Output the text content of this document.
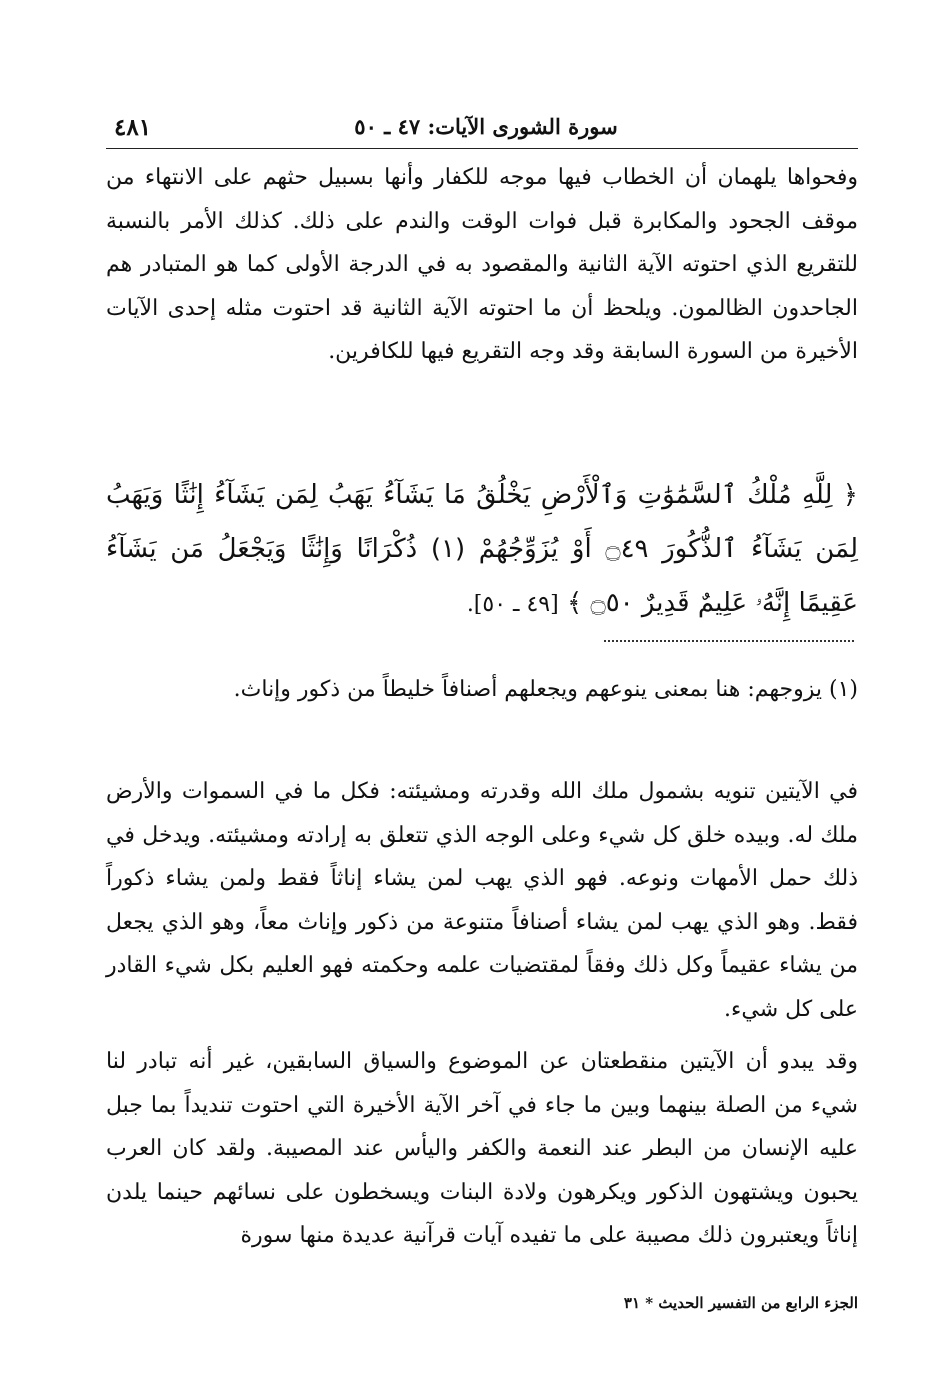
٤٨١	سورة الشورى الآيات: ٤٧ ـ ٥٠

وفحواها يلهمان أن الخطاب فيها موجه للكفار وأنها بسبيل حثهم على الانتهاء من موقف الجحود والمكابرة قبل فوات الوقت والندم على ذلك. كذلك الأمر بالنسبة للتقريع الذي احتوته الآية الثانية والمقصود به في الدرجة الأولى كما هو المتبادر هم الجاحدون الظالمون. ويلحظ أن ما احتوته الآية الثانية قد احتوت مثله إحدى الآيات الأخيرة من السورة السابقة وقد وجه التقريع فيها للكافرين.

﴿ لِلَّهِ مُلْكُ ٱلسَّمَٰوَٰتِ وَٱلْأَرْضِ يَخْلُقُ مَا يَشَآءُ يَهَبُ لِمَن يَشَآءُ إِنَٰثًا وَيَهَبُ لِمَن يَشَآءُ ٱلذُّكُورَ ۝٤٩ أَوْ يُزَوِّجُهُمْ (١) ذُكْرَانًا وَإِنَٰثًا وَيَجْعَلُ مَن يَشَآءُ عَقِيمًا إِنَّهُۥ عَلِيمٌ قَدِيرٌ ۝٥٠ ﴾ [٤٩ ـ ٥٠].

(١) يزوجهم: هنا بمعنى ينوعهم ويجعلهم أصنافاً خليطاً من ذكور وإناث.

في الآيتين تنويه بشمول ملك الله وقدرته ومشيئته: فكل ما في السموات والأرض ملك له. وبيده خلق كل شيء وعلى الوجه الذي تتعلق به إرادته ومشيئته. ويدخل في ذلك حمل الأمهات ونوعه. فهو الذي يهب لمن يشاء إناثاً فقط ولمن يشاء ذكوراً فقط. وهو الذي يهب لمن يشاء أصنافاً متنوعة من ذكور وإناث معاً، وهو الذي يجعل من يشاء عقيماً وكل ذلك وفقاً لمقتضيات علمه وحكمته فهو العليم بكل شيء القادر على كل شيء.

وقد يبدو أن الآيتين منقطعتان عن الموضوع والسياق السابقين، غير أنه تبادر لنا شيء من الصلة بينهما وبين ما جاء في آخر الآية الأخيرة التي احتوت تنديداً بما جبل عليه الإنسان من البطر عند النعمة والكفر واليأس عند المصيبة. ولقد كان العرب يحبون ويشتهون الذكور ويكرهون ولادة البنات ويسخطون على نسائهم حينما يلدن إناثاً ويعتبرون ذلك مصيبة على ما تفيده آيات قرآنية عديدة منها سورة

الجزء الرابع من التفسير الحديث * ٣١
